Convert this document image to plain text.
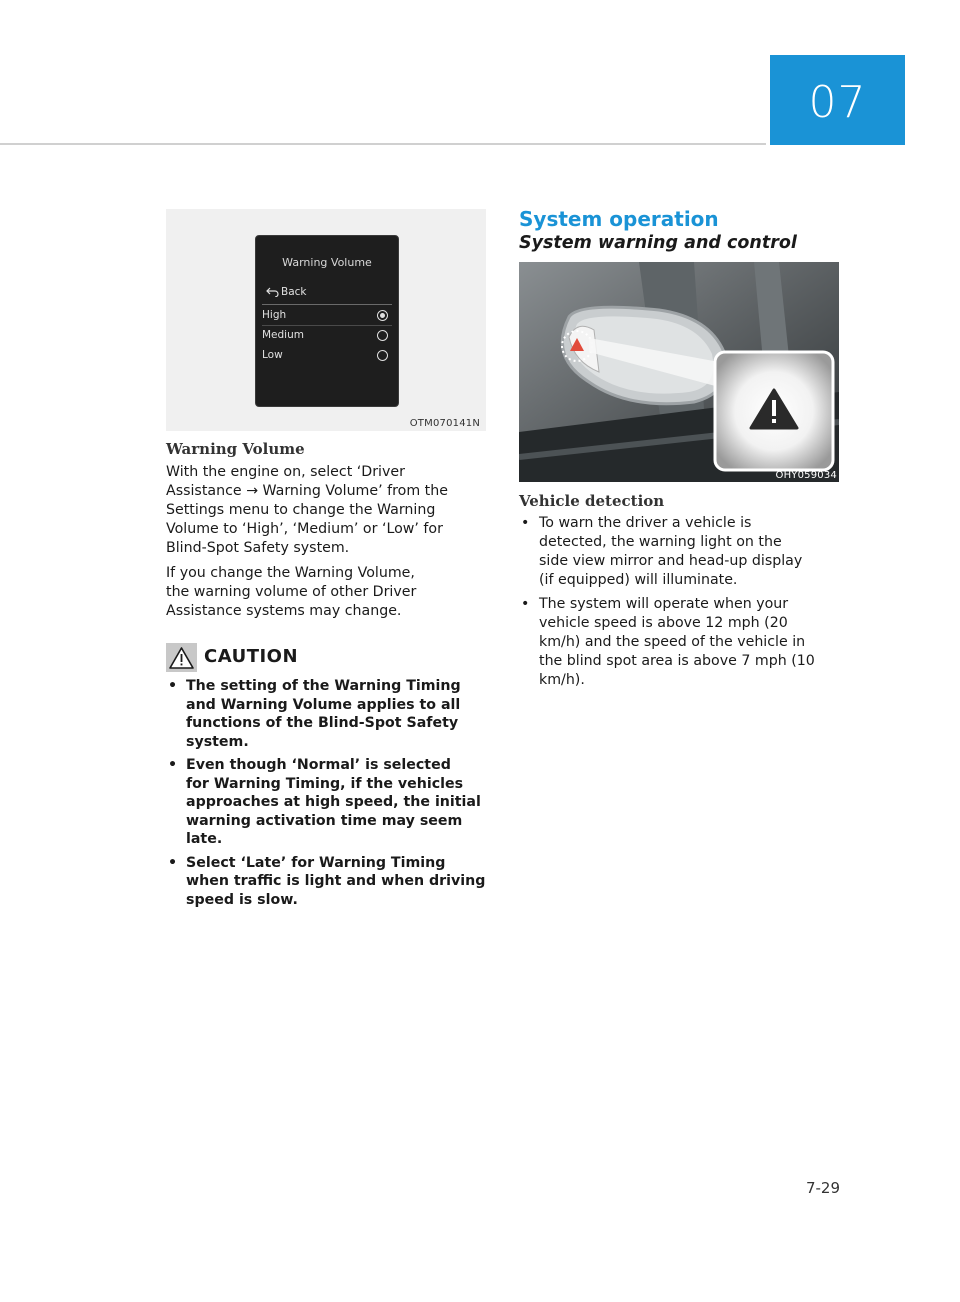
07
Warning Volume
Back
High
Medium
Low
OTM070141N
Warning Volume

With the engine on, select ‘Driver
Assistance → Warning Volume’ from the
Settings menu to change the Warning
Volume to ‘High’, ‘Medium’ or ‘Low’ for
Blind-Spot Safety system.

If you change the Warning Volume,
the warning volume of other Driver
Assistance systems may change.

CAUTION
• The setting of the Warning Timing
and Warning Volume applies to all
functions of the Blind-Spot Safety
system.
• Even though ‘Normal’ is selected
for Warning Timing, if the vehicles
approaches at high speed, the initial
warning activation time may seem
late.
• Select ‘Late’ for Warning Timing
when traffic is light and when driving
speed is slow.
System operation
System warning and control
OHY059034
Vehicle detection
• To warn the driver a vehicle is
detected, the warning light on the
side view mirror and head-up display
(if equipped) will illuminate.
• The system will operate when your
vehicle speed is above 12 mph (20
km/h) and the speed of the vehicle in
the blind spot area is above 7 mph (10
km/h).
7-29
